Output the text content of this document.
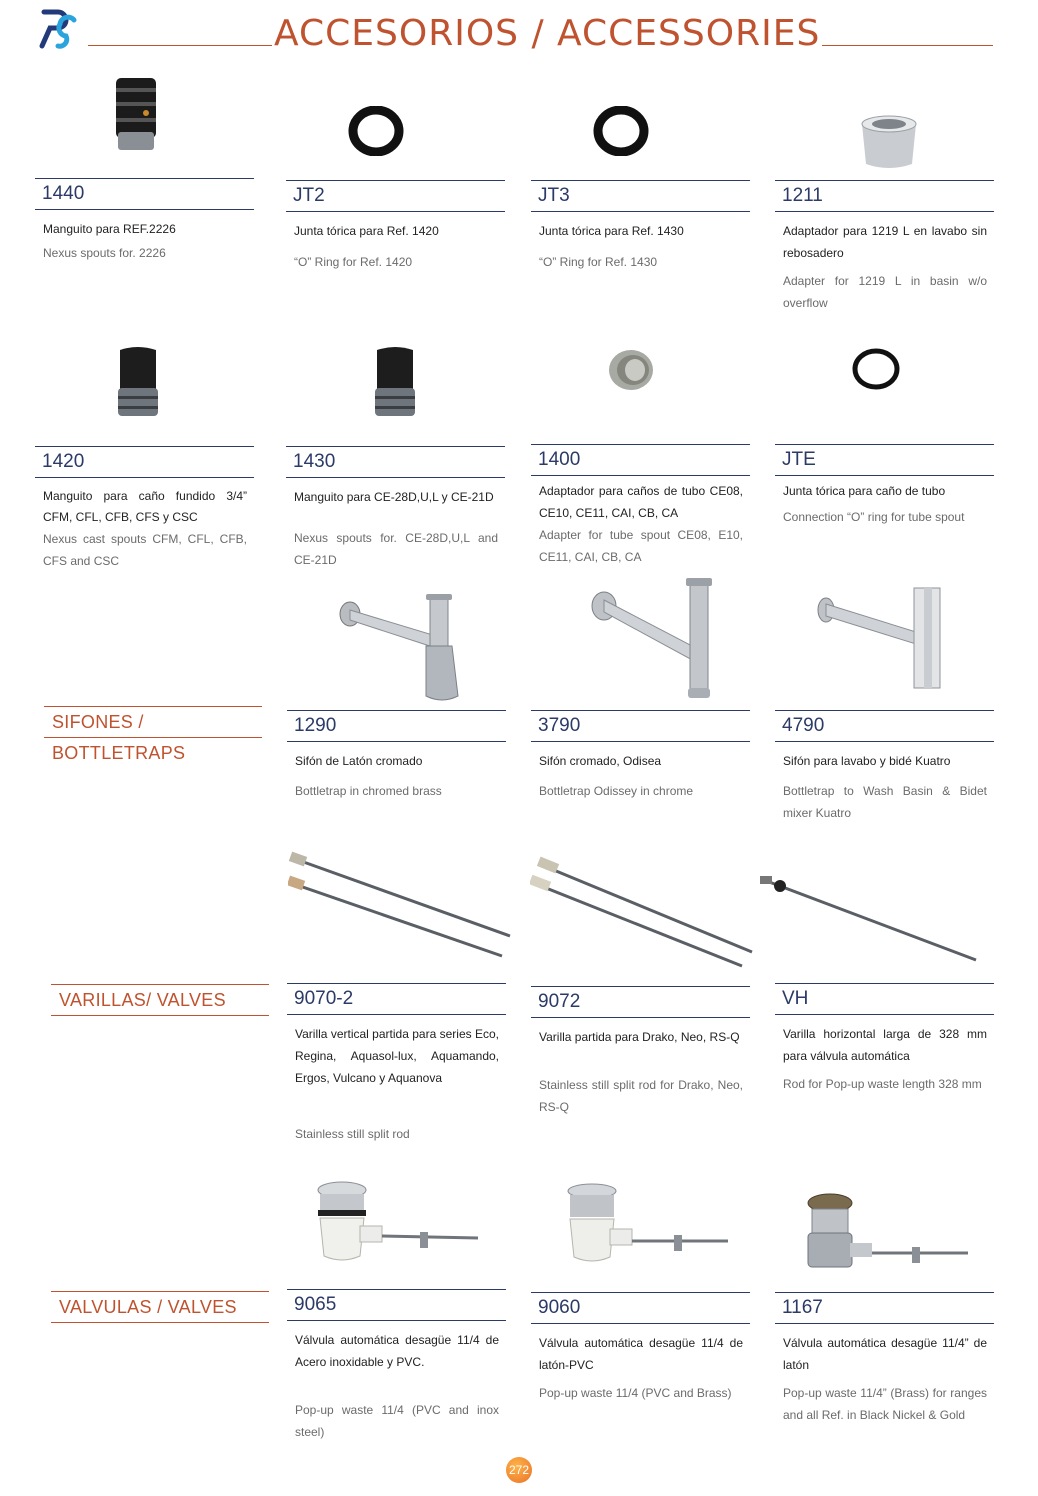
ACCESORIOS / ACCESSORIES
1440
Manguito para REF.2226
Nexus spouts for. 2226
JT2
Junta tórica para Ref. 1420
“O” Ring for Ref. 1420
JT3
Junta tórica para Ref. 1430
“O” Ring for Ref. 1430
1211
Adaptador para 1219 L en lavabo sin rebosadero
Adapter for 1219 L in basin w/o overflow
1420
Manguito para caño fundido 3/4” CFM, CFL, CFB, CFS y CSC
Nexus cast spouts CFM, CFL, CFB, CFS and CSC
1430
Manguito para CE-28D,U,L y CE-21D
Nexus spouts for. CE-28D,U,L and CE-21D
1400
Adaptador para caños de tubo CE08, CE10, CE11, CAI, CB, CA
Adapter for tube spout CE08, E10, CE11, CAI, CB, CA
JTE
Junta tórica para caño de tubo
Connection “O” ring for tube spout
SIFONES / BOTTLETRAPS
1290
Sifón de Latón cromado
Bottletrap in chromed brass
3790
Sifón cromado, Odisea
Bottletrap Odissey in chrome
4790
Sifón para lavabo y bidé Kuatro
Bottletrap to Wash Basin & Bidet mixer Kuatro
VARILLAS/ VALVES	9070-2
Varilla vertical partida para series Eco, Regina, Aquasol-lux, Aquamando, Ergos, Vulcano y Aquanova
Stainless still split rod
9072
Varilla partida para Drako, Neo, RS-Q
Stainless still split rod for Drako, Neo, RS-Q
VH
Varilla horizontal larga de 328 mm para válvula automática
Rod for Pop-up waste length 328 mm
VALVULAS / VALVES	9065
Válvula automática desagüe 11/4 de Acero inoxidable y PVC.
Pop-up waste 11/4 (PVC and inox steel)
9060
Válvula automática desagüe 11/4 de latón-PVC
Pop-up waste 11/4 (PVC and Brass)
1167
Válvula automática desagüe 11/4” de latón
Pop-up waste 11/4” (Brass) for ranges and all Ref. in Black Nickel & Gold
272
